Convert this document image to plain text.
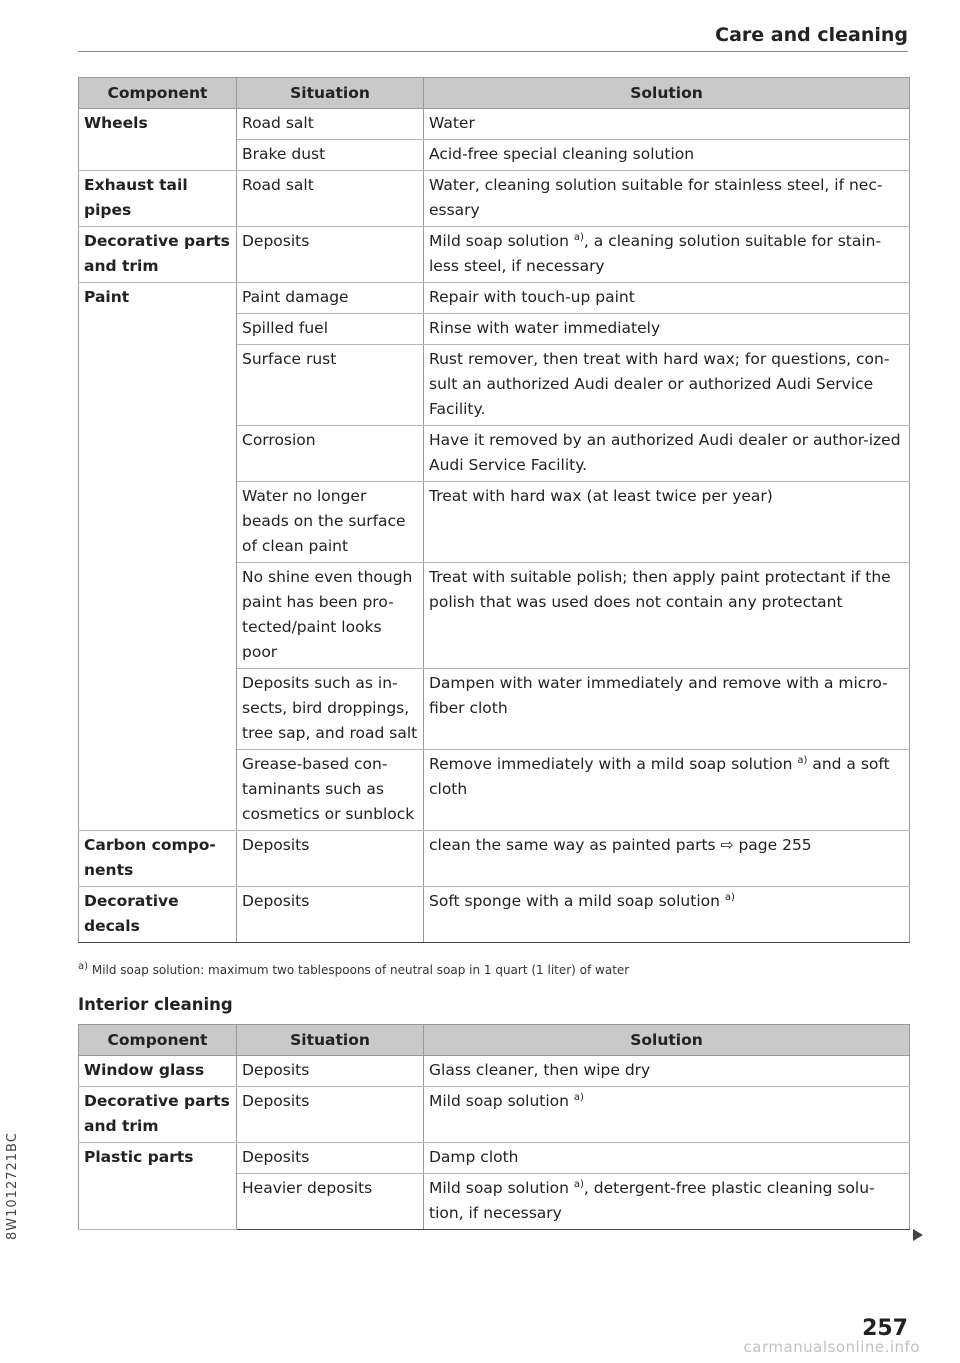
Care and cleaning
Component	Situation	Solution
Wheels	Road salt	Water
	Brake dust	Acid-free special cleaning solution
Exhaust tail pipes	Road salt	Water, cleaning solution suitable for stainless steel, if nec-essary
Decorative parts and trim	Deposits	Mild soap solution $^{a)}$, a cleaning solution suitable for stain-less steel, if necessary
Paint	Paint damage	Repair with touch-up paint
	Spilled fuel	Rinse with water immediately
	Surface rust	Rust remover, then treat with hard wax; for questions, con-sult an authorized Audi dealer or authorized Audi Service Facility.
	Corrosion	Have it removed by an authorized Audi dealer or author-ized Audi Service Facility.
	Water no longer beads on the surface of clean paint	Treat with hard wax (at least twice per year)
	No shine even though paint has been pro-tected/paint looks poor	Treat with suitable polish; then apply paint protectant if the polish that was used does not contain any protectant
	Deposits such as in-sects, bird droppings, tree sap, and road salt	Dampen with water immediately and remove with a micro-fiber cloth
	Grease-based con-taminants such as cosmetics or sunblock	Remove immediately with a mild soap solution $^{a)}$ and a soft cloth
Carbon compo-nents	Deposits	clean the same way as painted parts ⇨ page 255
Decorative decals	Deposits	Soft sponge with a mild soap solution $^{a)}$
$^{a)}$ Mild soap solution: maximum two tablespoons of neutral soap in 1 quart (1 liter) of water
Interior cleaning
Component	Situation	Solution
Window glass	Deposits	Glass cleaner, then wipe dry
Decorative parts and trim	Deposits	Mild soap solution $^{a)}$
Plastic parts	Deposits	Damp cloth
	Heavier deposits	Mild soap solution $^{a)}$, detergent-free plastic cleaning solu-tion, if necessary
8W1012721BC
257
carmanualsonline.info
